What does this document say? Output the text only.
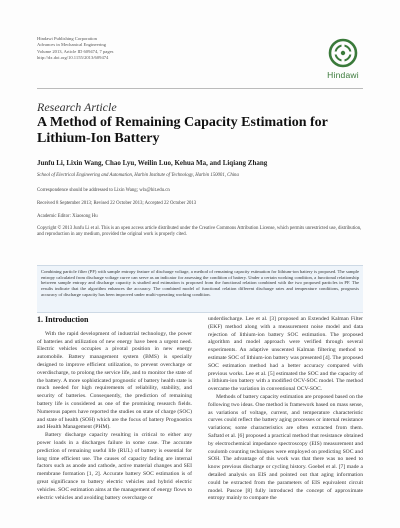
Hindawi Publishing Corporation
Advances in Mechanical Engineering
Volume 2013, Article ID 609474, 7 pages
http://dx.doi.org/10.1155/2013/609474
Hindawi
Research Article
A Method of Remaining Capacity Estimation for Lithium-Ion Battery
Junfu Li, Lixin Wang, Chao Lyu, Weilin Luo, Kehua Ma, and Liqiang Zhang
School of Electrical Engineering and Automation, Harbin Institute of Technology, Harbin 150001, China
Correspondence should be addressed to Lixin Wang; wlx@hit.edu.cn
Received 8 September 2013; Revised 22 October 2013; Accepted 22 October 2013
Academic Editor: Xiaosong Hu
Copyright © 2013 Junfu Li et al. This is an open access article distributed under the Creative Commons Attribution License, which permits unrestricted use, distribution, and reproduction in any medium, provided the original work is properly cited.
Combining particle filter (PF) with sample entropy feature of discharge voltage, a method of remaining capacity estimation for lithium-ion battery is proposed. The sample entropy calculated from discharge voltage curve can serve as an indicator for assessing the condition of battery. Under a certain working condition, a functional relationship between sample entropy and discharge capacity is studied and estimation is proposed from the functional relation combined with the two proposed particles in PF. The results indicate that the algorithm enhances the accuracy. The combined model of functional relation different discharge rates and temperature conditions, prognosis accuracy of discharge capacity has been improved under multi-operating working condition.
1. Introduction

With the rapid development of industrial technology, the power of batteries and utilization of new energy have been a urgent need. Electric vehicles occupies a pivotal position in new energy automobile. Battery management system (BMS) is specially designed to improve efficient utilization, to prevent overcharge or overdischarge, to prolong the service life, and to monitor the state of the battery. A more sophisticated prognostic of battery health state is much needed for high requirements of reliability, stability, and security of batteries. Consequently, the prediction of remaining battery life is considered as one of the promising research fields. Numerous papers have reported the studies on state of charge (SOC) and state of health (SOH) which are the focus of battery Prognostics and Health Management (PHM).

Battery discharge capacity resulting in critical to either any power loads in a discharges failure in some case. The accurate prediction of remaining useful life (RUL) of battery is essential for long time efficient use. The causes of capacity fading are internal factors such as anode and cathode, active material changes and SEI membrane formation [1, 2]. Accurate battery SOC estimation is of great significance to battery electric vehicles and hybrid electric vehicles. SOC estimation aims at the management of energy flows to electric vehicles and avoiding battery overcharge or

underdischarge. Lee et al. [3] proposed an Extended Kalman Filter (EKF) method along with a measurement noise model and data rejection of lithium-ion battery SOC estimation. The proposed algorithm and model approach were verified through several experiments. An adaptive unscented Kalman filtering method to estimate SOC of lithium-ion battery was presented [4]. The proposed SOC estimation method had a better accuracy compared with previous works. Lee et al. [5] estimated the SOC and the capacity of a lithium-ion battery with a modified OCV-SOC model. The method overcame the variation in conventional OCV-SOC.

Methods of battery capacity estimation are proposed based on the following two ideas. One method is framework based on mass sense, as variations of voltage, current, and temperature characteristic curves could reflect the battery aging processes or internal resistance variations; some characteristics are often extracted from them. Saftatd et al. [6] proposed a practical method that resistance obtained by electrochemical impedance spectroscopy (EIS) measurement and coulomb counting techniques were employed on predicting SOC and SOH. The advantage of this work was that there was no need to know previous discharge or cycling history. Goebel et al. [7] made a detailed analysis on EIS and pointed out that aging information could be extracted from the parameters of EIS equivalent circuit model. Pascoe [8] fully introduced the concept of approximate entropy mainly to compare the
